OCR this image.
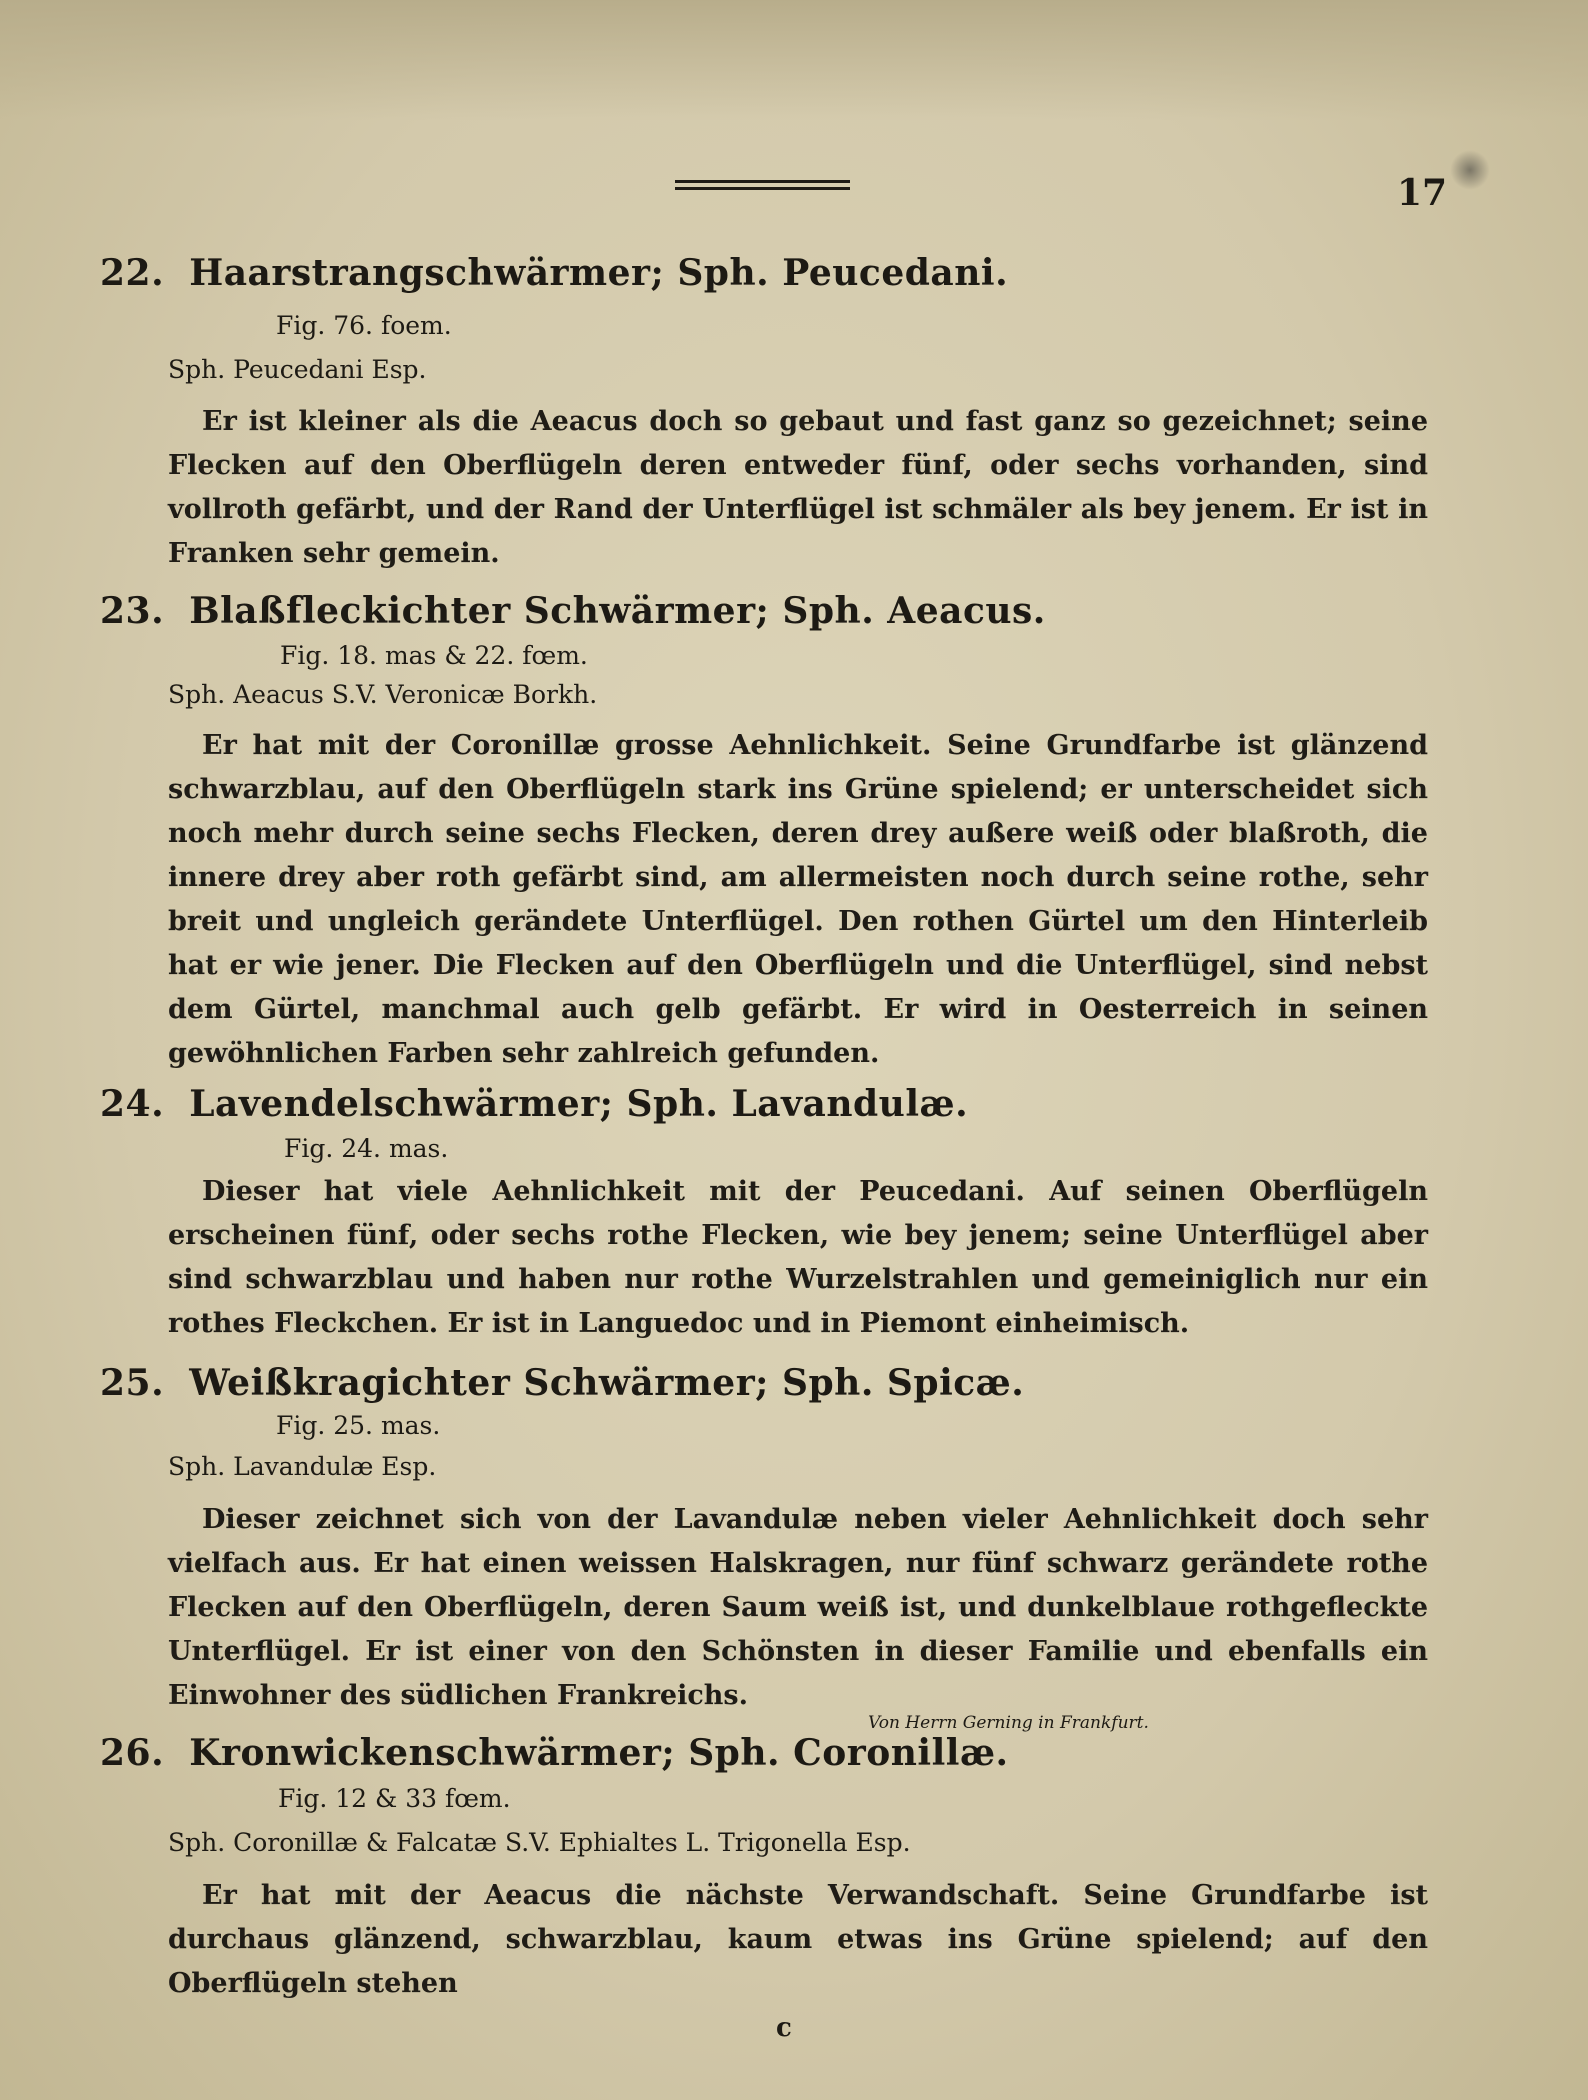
17
22. Haarstrangschwärmer; Sph. Peucedani.
Fig. 76. foem.
Sph. Peucedani Esp.
Er ist kleiner als die Aeacus doch so gebaut und fast ganz so gezeichnet; seine Flecken auf den Oberflügeln deren entweder fünf, oder sechs vorhanden, sind vollroth gefärbt, und der Rand der Unterflügel ist schmäler als bey jenem. Er ist in Franken sehr gemein.
23. Blaßfleckichter Schwärmer; Sph. Aeacus.
Fig. 18. mas & 22. fœm.
Sph. Aeacus S.V. Veronicæ Borkh.
Er hat mit der Coronillæ grosse Aehnlichkeit. Seine Grundfarbe ist glänzend schwarzblau, auf den Oberflügeln stark ins Grüne spielend; er unterscheidet sich noch mehr durch seine sechs Flecken, deren drey außere weiß oder blaßroth, die innere drey aber roth gefärbt sind, am allermeisten noch durch seine rothe, sehr breit und ungleich gerändete Unterflügel. Den rothen Gürtel um den Hinterleib hat er wie jener. Die Flecken auf den Oberflügeln und die Unterflügel, sind nebst dem Gürtel, manchmal auch gelb gefärbt. Er wird in Oesterreich in seinen gewöhnlichen Farben sehr zahlreich gefunden.
24. Lavendelschwärmer; Sph. Lavandulæ.
Fig. 24. mas.
Dieser hat viele Aehnlichkeit mit der Peucedani. Auf seinen Oberflügeln erscheinen fünf, oder sechs rothe Flecken, wie bey jenem; seine Unterflügel aber sind schwarzblau und haben nur rothe Wurzelstrahlen und gemeiniglich nur ein rothes Fleckchen. Er ist in Languedoc und in Piemont einheimisch.
25. Weißkragichter Schwärmer; Sph. Spicæ.
Fig. 25. mas.
Sph. Lavandulæ Esp.
Dieser zeichnet sich von der Lavandulæ neben vieler Aehnlichkeit doch sehr vielfach aus. Er hat einen weissen Halskragen, nur fünf schwarz gerändete rothe Flecken auf den Oberflügeln, deren Saum weiß ist, und dunkelblaue rothgefleckte Unterflügel. Er ist einer von den Schönsten in dieser Familie und ebenfalls ein Einwohner des südlichen Frankreichs.
Von Herrn Gerning in Frankfurt.
26. Kronwickenschwärmer; Sph. Coronillæ.
Fig. 12 & 33 fœm.
Sph. Coronillæ & Falcatæ S.V. Ephialtes L. Trigonella Esp.
Er hat mit der Aeacus die nächste Verwandschaft. Seine Grundfarbe ist durchaus glänzend, schwarzblau, kaum etwas ins Grüne spielend; auf den Oberflügeln stehen
c
